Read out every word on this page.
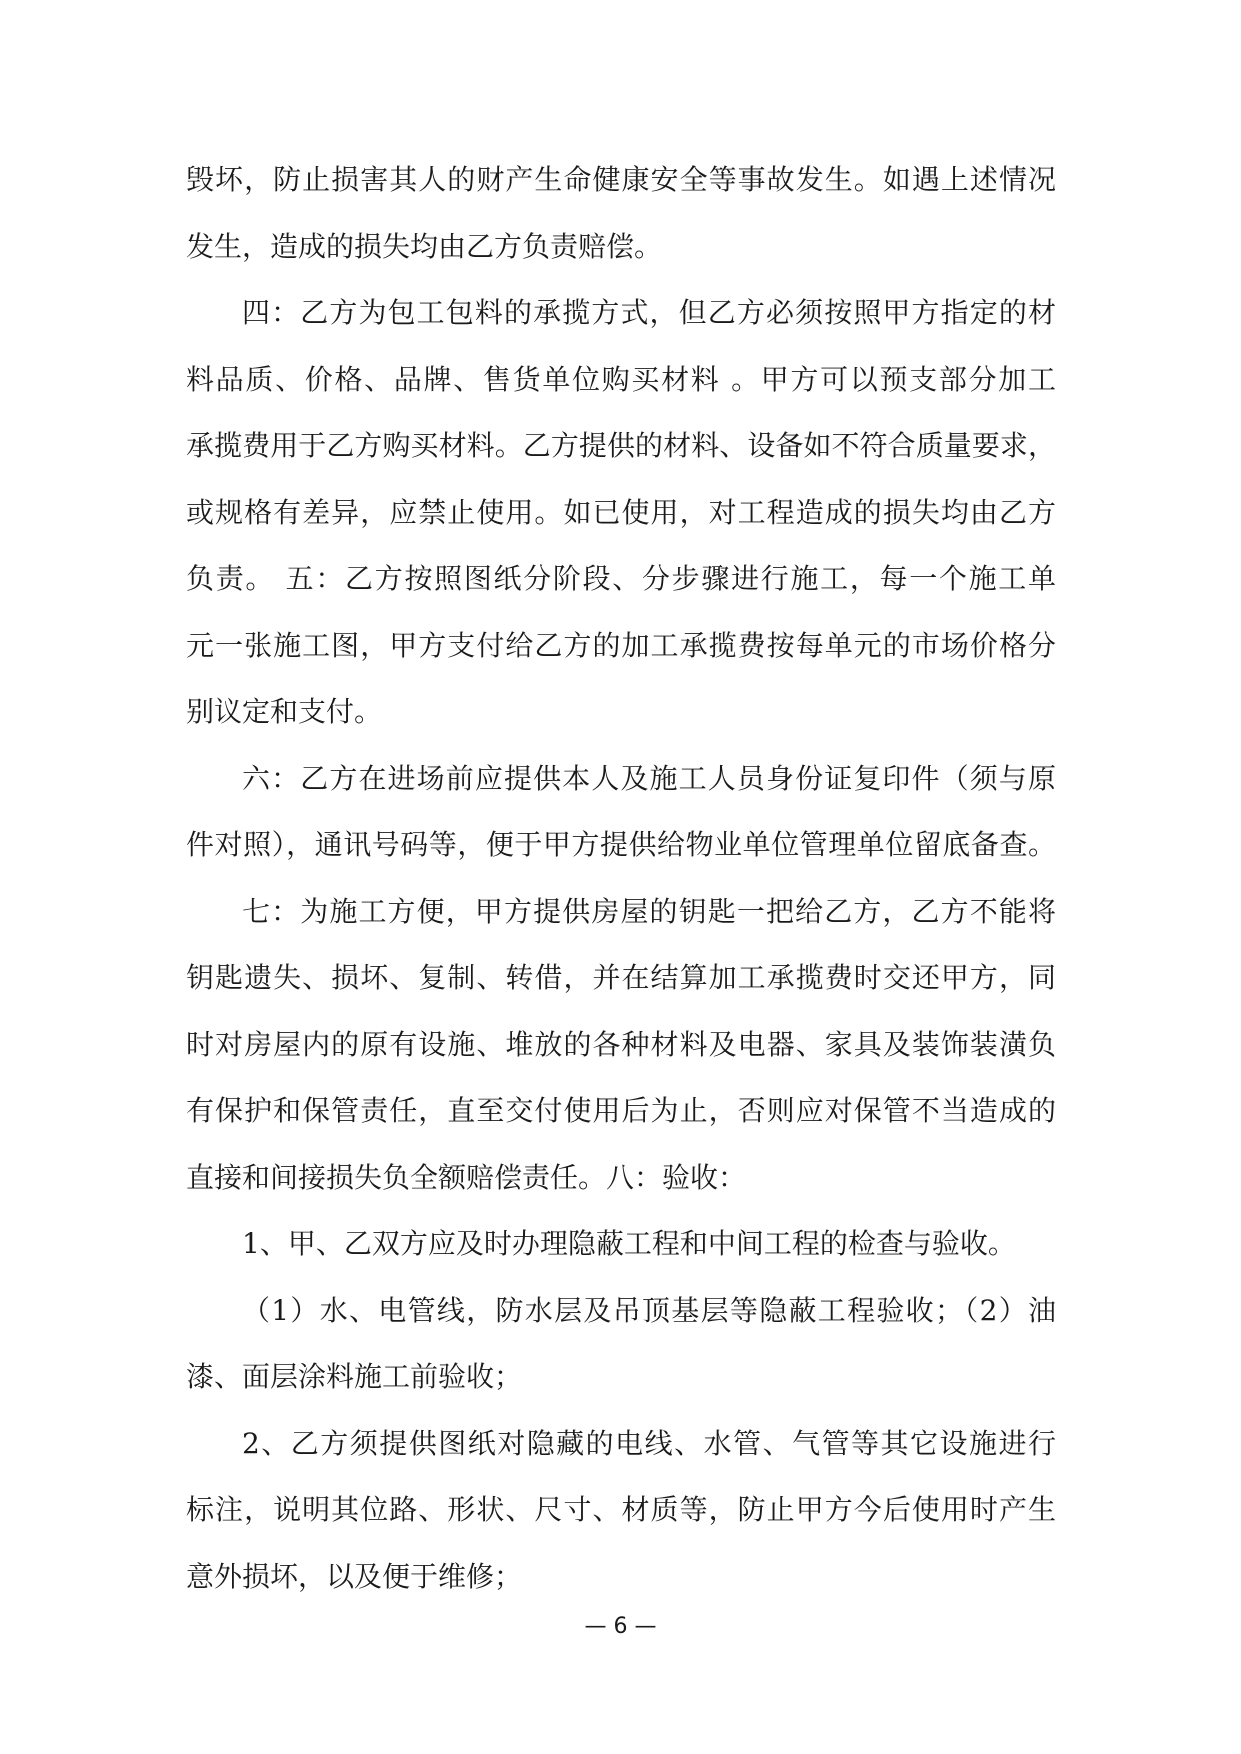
毁坏，防止损害其人的财产生命健康安全等事故发生。如遇上述情况
发生，造成的损失均由乙方负责赔偿。
四：乙方为包工包料的承揽方式，但乙方必须按照甲方指定的材
料品质、价格、品牌、售货单位购买材料 。甲方可以预支部分加工
承揽费用于乙方购买材料。乙方提供的材料、设备如不符合质量要求，
或规格有差异，应禁止使用。如已使用，对工程造成的损失均由乙方
负责。 五：乙方按照图纸分阶段、分步骤进行施工，每一个施工单
元一张施工图，甲方支付给乙方的加工承揽费按每单元的市场价格分
别议定和支付。
六：乙方在进场前应提供本人及施工人员身份证复印件（须与原
件对照），通讯号码等，便于甲方提供给物业单位管理单位留底备查。
七：为施工方便，甲方提供房屋的钥匙一把给乙方，乙方不能将
钥匙遗失、损坏、复制、转借，并在结算加工承揽费时交还甲方，同
时对房屋内的原有设施、堆放的各种材料及电器、家具及装饰装潢负
有保护和保管责任，直至交付使用后为止，否则应对保管不当造成的
直接和间接损失负全额赔偿责任。八：验收：
1、甲、乙双方应及时办理隐蔽工程和中间工程的检查与验收。
（1）水、电管线，防水层及吊顶基层等隐蔽工程验收；（2）油
漆、面层涂料施工前验收；
2、乙方须提供图纸对隐藏的电线、水管、气管等其它设施进行
标注，说明其位路、形状、尺寸、材质等，防止甲方今后使用时产生
意外损坏，以及便于维修；
— 6 —
